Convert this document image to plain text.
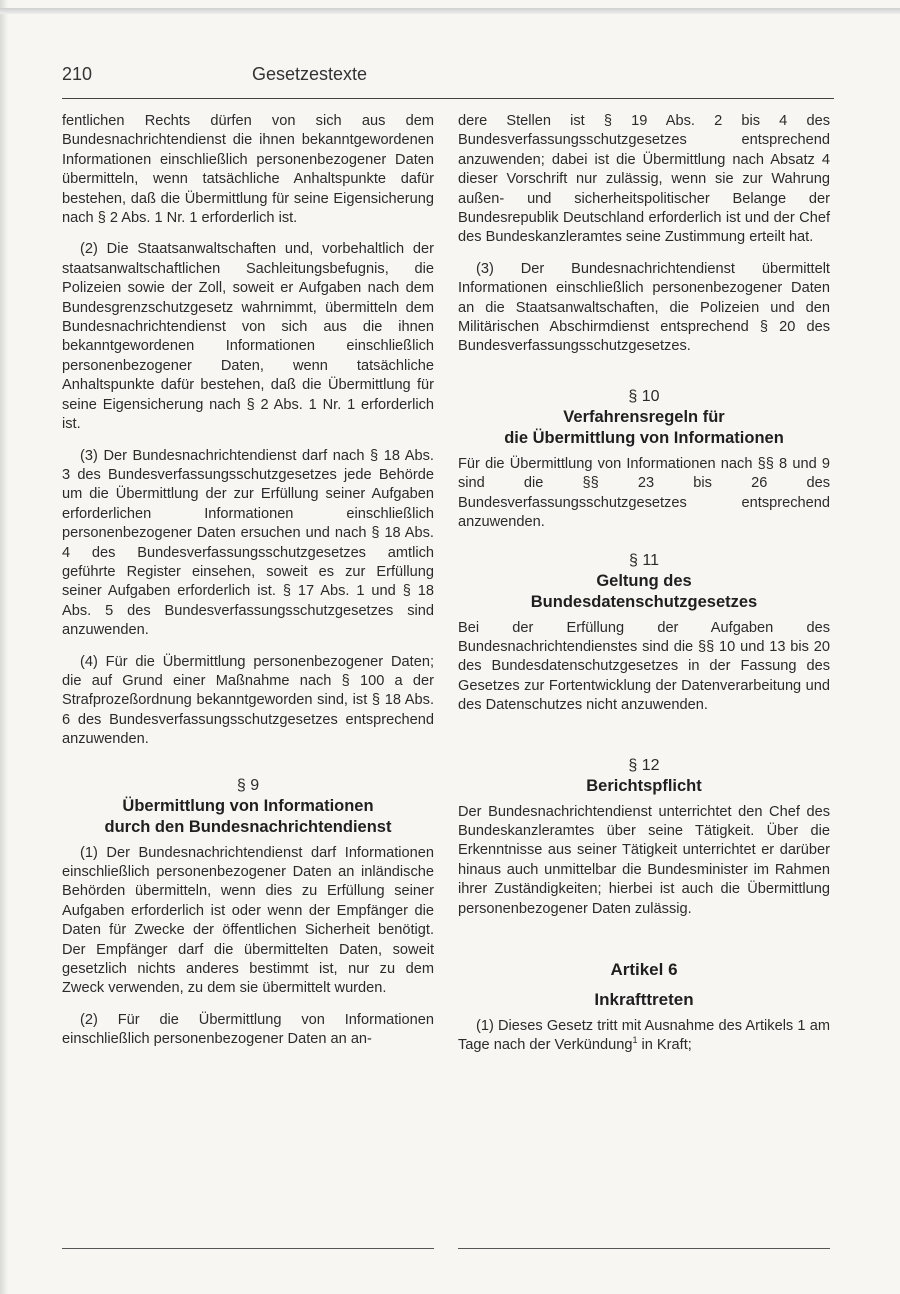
210	Gesetzestexte

fentlichen Rechts dürfen von sich aus dem Bundesnachrichtendienst die ihnen bekanntgewordenen Informationen einschließlich personenbezogener Daten übermitteln, wenn tatsächliche Anhaltspunkte dafür bestehen, daß die Übermittlung für seine Eigensicherung nach § 2 Abs. 1 Nr. 1 erforderlich ist.

(2) Die Staatsanwaltschaften und, vorbehaltlich der staatsanwaltschaftlichen Sachleitungsbefugnis, die Polizeien sowie der Zoll, soweit er Aufgaben nach dem Bundesgrenzschutzgesetz wahrnimmt, übermitteln dem Bundesnachrichtendienst von sich aus die ihnen bekanntgewordenen Informationen einschließlich personenbezogener Daten, wenn tatsächliche Anhaltspunkte dafür bestehen, daß die Übermittlung für seine Eigensicherung nach § 2 Abs. 1 Nr. 1 erforderlich ist.

(3) Der Bundesnachrichtendienst darf nach § 18 Abs. 3 des Bundesverfassungsschutzgesetzes jede Behörde um die Übermittlung der zur Erfüllung seiner Aufgaben erforderlichen Informationen einschließlich personenbezogener Daten ersuchen und nach § 18 Abs. 4 des Bundesverfassungsschutzgesetzes amtlich geführte Register einsehen, soweit es zur Erfüllung seiner Aufgaben erforderlich ist. § 17 Abs. 1 und § 18 Abs. 5 des Bundesverfassungsschutzgesetzes sind anzuwenden.

(4) Für die Übermittlung personenbezogener Daten; die auf Grund einer Maßnahme nach § 100 a der Strafprozeßordnung bekanntgeworden sind, ist § 18 Abs. 6 des Bundesverfassungsschutzgesetzes entsprechend anzuwenden.

§ 9
Übermittlung von Informationen
durch den Bundesnachrichtendienst

(1) Der Bundesnachrichtendienst darf Informationen einschließlich personenbezogener Daten an inländische Behörden übermitteln, wenn dies zu Erfüllung seiner Aufgaben erforderlich ist oder wenn der Empfänger die Daten für Zwecke der öffentlichen Sicherheit benötigt. Der Empfänger darf die übermittelten Daten, soweit gesetzlich nichts anderes bestimmt ist, nur zu dem Zweck verwenden, zu dem sie übermittelt wurden.

(2) Für die Übermittlung von Informationen einschließlich personenbezogener Daten an an-

dere Stellen ist § 19 Abs. 2 bis 4 des Bundesverfassungsschutzgesetzes entsprechend anzuwenden; dabei ist die Übermittlung nach Absatz 4 dieser Vorschrift nur zulässig, wenn sie zur Wahrung außen- und sicherheitspolitischer Belange der Bundesrepublik Deutschland erforderlich ist und der Chef des Bundeskanzleramtes seine Zustimmung erteilt hat.

(3) Der Bundesnachrichtendienst übermittelt Informationen einschließlich personenbezogener Daten an die Staatsanwaltschaften, die Polizeien und den Militärischen Abschirmdienst entsprechend § 20 des Bundesverfassungsschutzgesetzes.

§ 10
Verfahrensregeln für
die Übermittlung von Informationen

Für die Übermittlung von Informationen nach §§ 8 und 9 sind die §§ 23 bis 26 des Bundesverfassungsschutzgesetzes entsprechend anzuwenden.

§ 11
Geltung des
Bundesdatenschutzgesetzes

Bei der Erfüllung der Aufgaben des Bundesnachrichtendienstes sind die §§ 10 und 13 bis 20 des Bundesdatenschutzgesetzes in der Fassung des Gesetzes zur Fortentwicklung der Datenverarbeitung und des Datenschutzes nicht anzuwenden.

§ 12
Berichtspflicht

Der Bundesnachrichtendienst unterrichtet den Chef des Bundeskanzleramtes über seine Tätigkeit. Über die Erkenntnisse aus seiner Tätigkeit unterrichtet er darüber hinaus auch unmittelbar die Bundesminister im Rahmen ihrer Zuständigkeiten; hierbei ist auch die Übermittlung personenbezogener Daten zulässig.

Artikel 6
Inkrafttreten

(1) Dieses Gesetz tritt mit Ausnahme des Artikels 1 am Tage nach der Verkündung$^1$ in Kraft;
